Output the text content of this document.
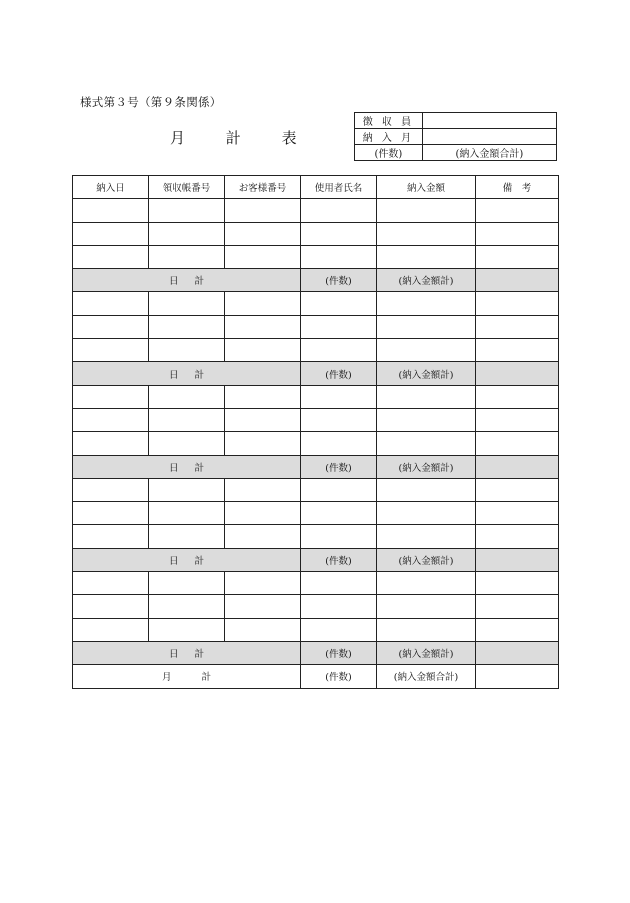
様式第３号（第９条関係）
月	計	表
徴 収 員	
納 入 月	
(件数)	(納入金額合計)
納入日	領収帳番号	お客様番号	使用者氏名	納入金額	備　考

日 計			(件数)	(納入金額計)	

日 計			(件数)	(納入金額計)	

日 計			(件数)	(納入金額計)	

日 計			(件数)	(納入金額計)	

日 計			(件数)	(納入金額計)	
月 計			(件数)	(納入金額合計)	
